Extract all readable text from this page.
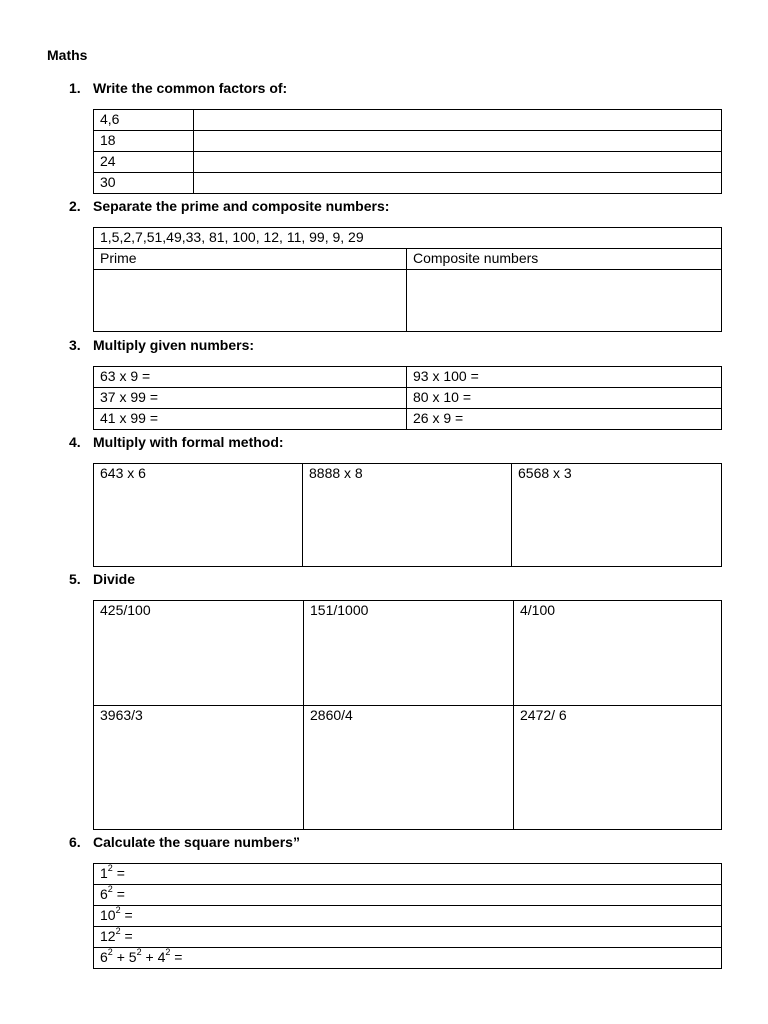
Maths
1. Write the common factors of:
4,6	
18	
24	
30	
2. Separate the prime and composite numbers:
1,5,2,7,51,49,33, 81, 100, 12, 11, 99, 9, 29	
Prime	Composite numbers

3. Multiply given numbers:
63 x 9 =	93 x 100 =
37 x 99 =	80 x 10 =
41 x 99 =	26 x 9 =
4. Multiply with formal method:
643 x 6	8888 x 8	6568 x 3
5. Divide
425/100	151/1000	4/100
3963/3	2860/4	2472/ 6
6. Calculate the square numbers”
$1^2$ =
$6^2$ =
$10^2$ =
$12^2$ =
$6^2 + 5^2 + 4^2$ =
